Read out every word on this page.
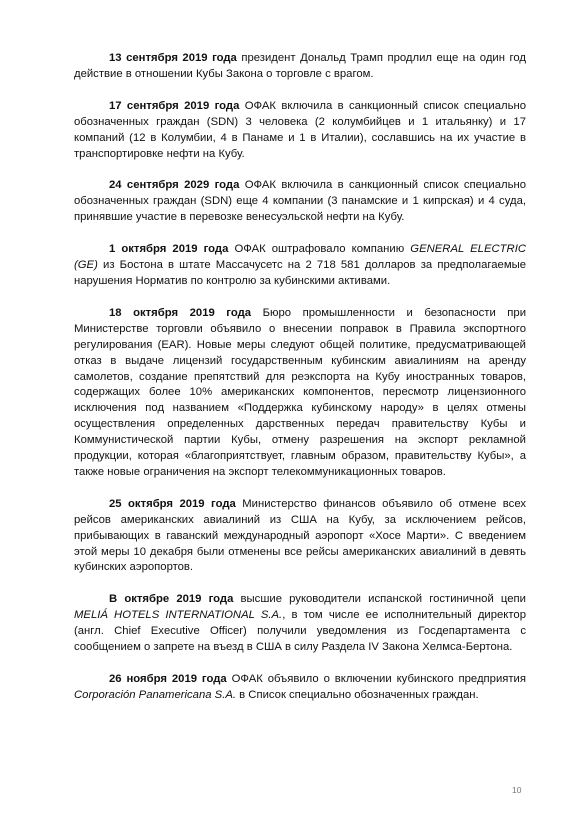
13 сентября 2019 года президент Дональд Трамп продлил еще на один год действие в отношении Кубы Закона о торговле с врагом.

17 сентября 2019 года ОФАК включила в санкционный список специально обозначенных граждан (SDN) 3 человека (2 колумбийцев и 1 итальянку) и 17 компаний (12 в Колумбии, 4 в Панаме и 1 в Италии), сославшись на их участие в транспортировке нефти на Кубу.

24 сентября 2029 года ОФАК включила в санкционный список специально обозначенных граждан (SDN) еще 4 компании (3 панамские и 1 кипрская) и 4 суда, принявшие участие в перевозке венесуэльской нефти на Кубу.

1 октября 2019 года ОФАК оштрафовало компанию GENERAL ELECTRIC (GE) из Бостона в штате Массачусетс на 2 718 581 долларов за предполагаемые нарушения Норматив по контролю за кубинскими активами.

18 октября 2019 года Бюро промышленности и безопасности при Министерстве торговли объявило о внесении поправок в Правила экспортного регулирования (EAR). Новые меры следуют общей политике, предусматривающей отказ в выдаче лицензий государственным кубинским авиалиниям на аренду самолетов, создание препятствий для реэкспорта на Кубу иностранных товаров, содержащих более 10% американских компонентов, пересмотр лицензионного исключения под названием «Поддержка кубинскому народу» в целях отмены осуществления определенных дарственных передач правительству Кубы и Коммунистической партии Кубы, отмену разрешения на экспорт рекламной продукции, которая «благоприятствует, главным образом, правительству Кубы», а также новые ограничения на экспорт телекоммуникационных товаров.

25 октября 2019 года Министерство финансов объявило об отмене всех рейсов американских авиалиний из США на Кубу, за исключением рейсов, прибывающих в гаванский международный аэропорт «Хосе Марти». С введением этой меры 10 декабря были отменены все рейсы американских авиалиний в девять кубинских аэропортов.

В октябре 2019 года высшие руководители испанской гостиничной цепи MELIÁ HOTELS INTERNATIONAL S.A., в том числе ее исполнительный директор (англ. Chief Executive Officer) получили уведомления из Госдепартамента с сообщением о запрете на въезд в США в силу Раздела IV Закона Хелмса-Бертона.

26 ноября 2019 года ОФАК объявило о включении кубинского предприятия Corporación Panamericana S.A. в Список специально обозначенных граждан.

10
